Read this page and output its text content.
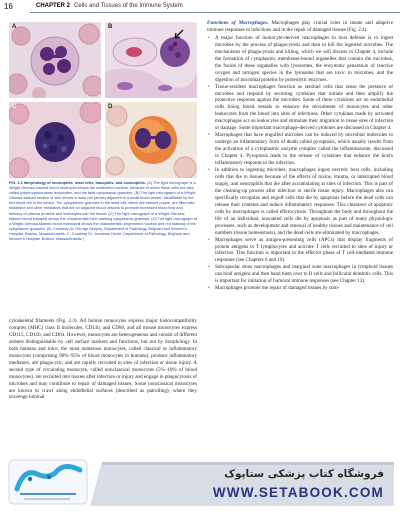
16	CHAPTER 2 Cells and Tissues of the Immune System
A	B
C	D
FIG. 2.1 Morphology of neutrophils, mast cells, basophils, and eosinophils. (A) The light micrograph of a Wright-Giemsa-stained blood neutrophil shows the multilobed nucleus, because of which these cells are also called polymorphonuclear leukocytes, and the faint cytoplasmic granules. (B) The light micrograph of a Wright-Giemsa-stained section of skin shows a mast cell (arrow) adjacent to a small blood vessel, identifiable by the red blood cell in the lumen. The cytoplasmic granules in the mast cell, which are stained purple, are filled with histamine and other mediators that act on adjacent blood vessels to promote increased blood flow and delivery of plasma proteins and leukocytes into the tissue. (C) The light micrograph of a Wright-Giemsa-stained blood basophil shows the characteristic blue-staining cytoplasmic granules. (D) The light micrograph of a Wright-Giemsa-stained blood eosinophil shows the characteristic segmented nucleus and red staining of the cytoplasmic granules. (B, Courtesy Dr. George Murphy, Department of Pathology, Brigham and Women's Hospital, Boston, Massachusetts. C, Courtesy Dr. Jonathan Hecht, Department of Pathology, Brigham and Women's Hospital, Boston, Massachusetts.)
cytoskeletal filaments (Fig. 2.3). All human monocytes express major histocompatibility complex (MHC) class II molecules, CD11b, and CD86, and all mouse monocytes express CD115, CD11b, and CD64. However, monocytes are heterogeneous and consist of different subsets distinguishable by cell surface markers and functions, but not by morphology. In both humans and mice, the most numerous monocytes, called classical or inflammatory monocytes (comprising 90%–95% of blood monocytes in humans), produce inflammatory mediators, are phagocytic, and are rapidly recruited to sites of infection or tissue injury. A second type of circulating monocyte, called nonclassical monocytes (5%–10% of blood monocytes), are recruited into tissues after infection or injury and engage in phagocytosis of microbes and may contribute to repair of damaged tissues. Some nonclassical monocytes are known to crawl along endothelial surfaces (described as patrolling), where they scavenge luminal
Functions of Macrophages. Macrophages play crucial roles in innate and adaptive immune responses to infections and in the repair of damaged tissues (Fig. 2.4).
• A major function of monocyte-derived macrophages in host defense is to ingest microbes by the process of phagocytosis and then to kill the ingested microbes. The mechanisms of phagocytosis and killing, which we will discuss in Chapter 4, include the formation of cytoplasmic membrane-bound organelles that contain the microbes, the fusion of these organelles with lysosomes, the enzymatic generation of reactive oxygen and nitrogen species in the lysosome that are toxic to microbes, and the digestion of microbial proteins by proteolytic enzymes.
• Tissue-resident macrophages function as sentinel cells that sense the presence of microbes and respond by secreting cytokines that initiate and then amplify the protective response against the microbes. Some of these cytokines act on endothelial cells lining blood vessels to enhance the recruitment of monocytes and other leukocytes from the blood into sites of infections. Other cytokines made by activated macrophages act on leukocytes and stimulate their migration to tissue sites of infection or damage. Some important macrophage-derived cytokines are discussed in Chapter 4.
• Macrophages that have engulfed microbes can be induced by microbial molecules to undergo an inflammatory form of death called pyroptosis, which usually results from the activation of a cytoplasmic enzyme complex called the inflammasome, discussed in Chapter 4. Pyroptosis leads to the release of cytokines that enhance the host's inflammatory response to the infection.
• In addition to ingesting microbes, macrophages ingest necrotic host cells, including cells that die in tissues because of the effects of toxins, trauma, or interrupted blood supply, and neutrophils that die after accumulating at sites of infection. This is part of the cleaning-up process after infection or sterile tissue injury. Macrophages also can specifically recognize and engulf cells that die by apoptosis before the dead cells can release their contents and induce inflammatory responses. This clearance of apoptotic cells by macrophages is called efferocytosis. Throughout the body and throughout the life of an individual, unwanted cells die by apoptosis as part of many physiologic processes, such as development and renewal of healthy tissues and maintenance of cell numbers (tissue homeostasis), and the dead cells are eliminated by macrophages.
• Macrophages serve as antigen-presenting cells (APCs) that display fragments of protein antigens to T lymphocytes and activate T cells recruited to sites of injury or infection. This function is important in the effector phase of T cell-mediated immune responses (see Chapters 6 and 10).
• Subcapsular sinus macrophages and marginal zone macrophages in lymphoid tissues can bind antigens and then hand them over to B cells and follicular dendritic cells. This is important for initiation of humoral immune responses (see Chapter 12).
• Macrophages promote the repair of damaged tissues by stim-
فروشگاه کتاب پزشکی ستاپوک
WWW.SETABOOK.COM
